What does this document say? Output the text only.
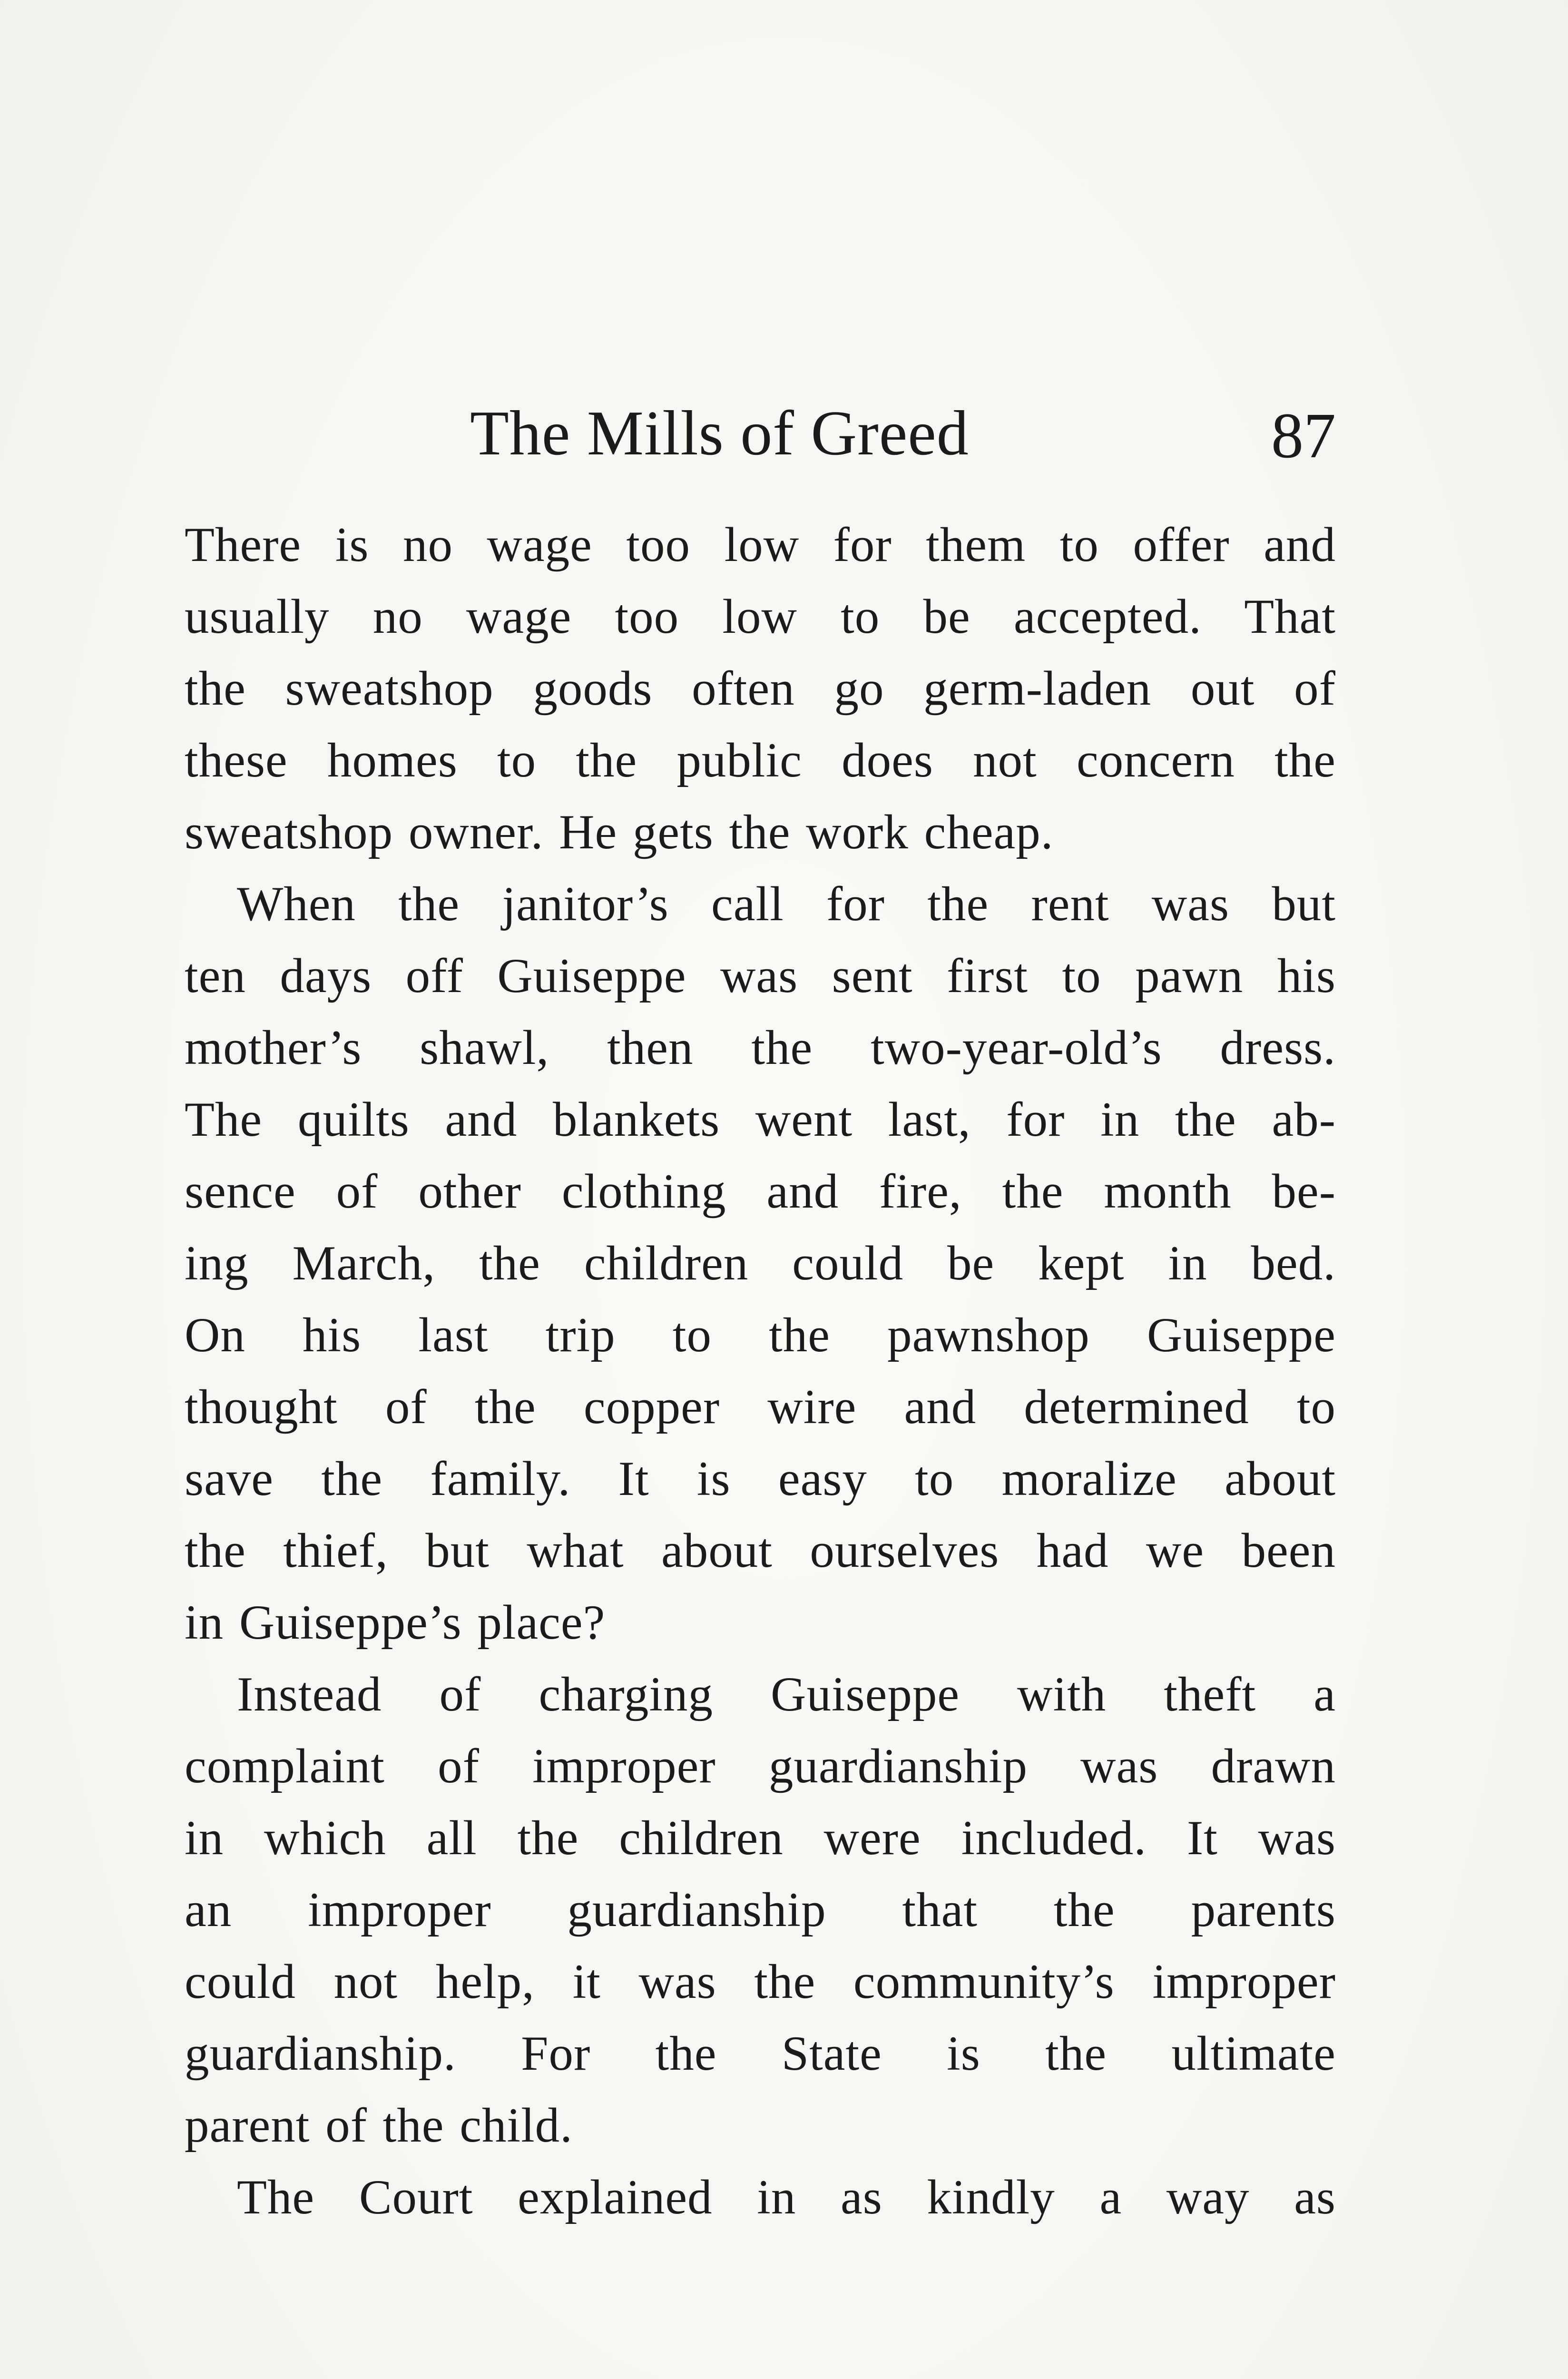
The Mills of Greed	87
There is no wage too low for them to offer and
usually no wage too low to be accepted. That
the sweatshop goods often go germ-laden out of
these homes to the public does not concern the
sweatshop owner. He gets the work cheap.
When the janitor’s call for the rent was but
ten days off Guiseppe was sent first to pawn his
mother’s shawl, then the two-year-old’s dress.
The quilts and blankets went last, for in the ab-
sence of other clothing and fire, the month be-
ing March, the children could be kept in bed.
On his last trip to the pawnshop Guiseppe
thought of the copper wire and determined to
save the family. It is easy to moralize about
the thief, but what about ourselves had we been
in Guiseppe’s place?
Instead of charging Guiseppe with theft a
complaint of improper guardianship was drawn
in which all the children were included. It was
an improper guardianship that the parents
could not help, it was the community’s improper
guardianship. For the State is the ultimate
parent of the child.
The Court explained in as kindly a way as
